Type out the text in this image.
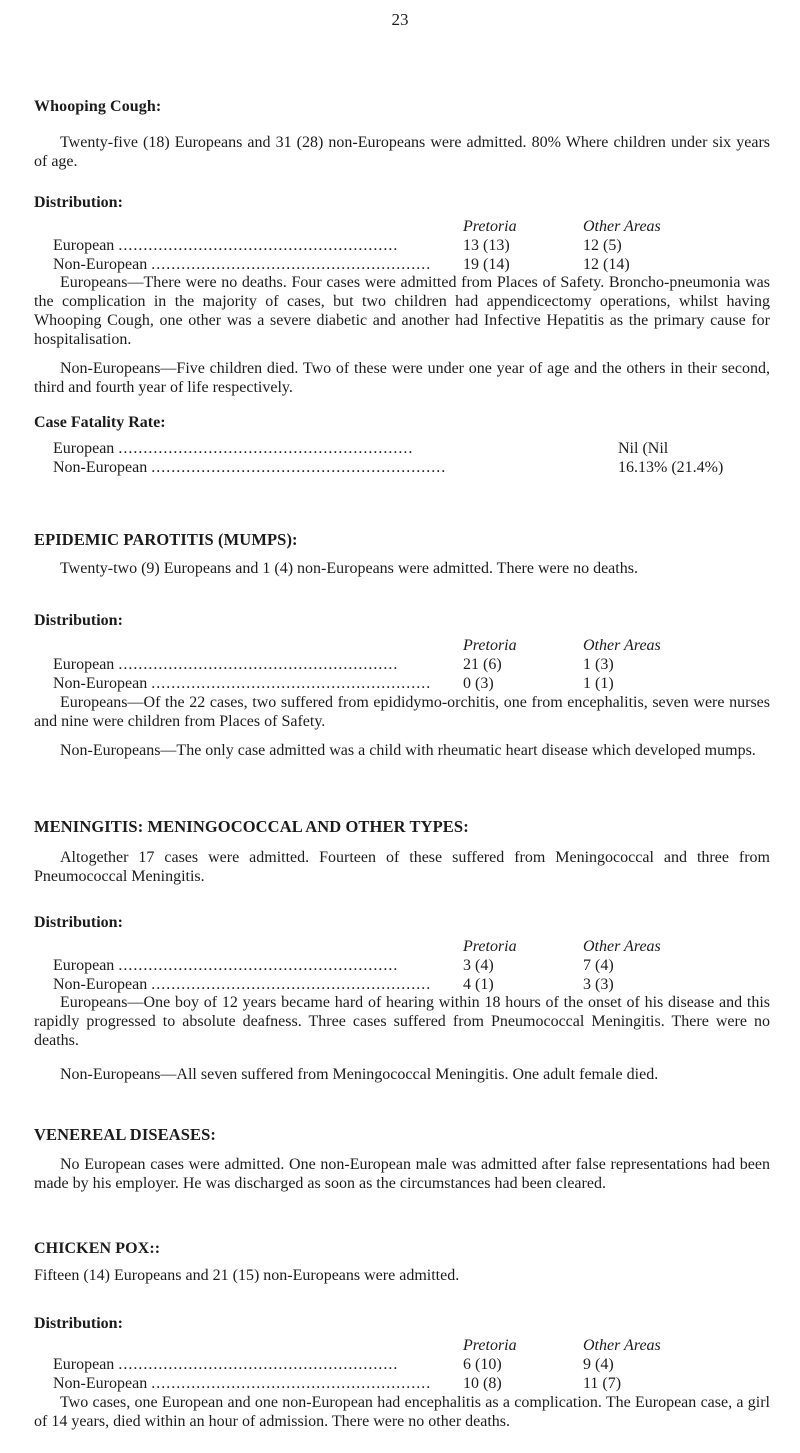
23
Whooping Cough:
Twenty-five (18) Europeans and 31 (28) non-Europeans were admitted. 80% Where children under six years of age.
Distribution:
Pretoria	Other Areas
European ........................................................	13 (13)	12 (5)
Non-European ........................................................	19 (14)	12 (14)
Europeans—There were no deaths. Four cases were admitted from Places of Safety. Broncho-pneumonia was the complication in the majority of cases, but two children had appendicectomy operations, whilst having Whooping Cough, one other was a severe diabetic and another had Infective Hepatitis as the primary cause for hospitalisation.
Non-Europeans—Five children died. Two of these were under one year of age and the others in their second, third and fourth year of life respectively.
Case Fatality Rate:
European ...........................................................	Nil (Nil
Non-European ...........................................................	16.13% (21.4%)
EPIDEMIC PAROTITIS (MUMPS):
Twenty-two (9) Europeans and 1 (4) non-Europeans were admitted. There were no deaths.
Distribution:
Pretoria	Other Areas
European ........................................................	21 (6)	1 (3)
Non-European ........................................................	0 (3)	1 (1)
Europeans—Of the 22 cases, two suffered from epididymo-orchitis, one from encephalitis, seven were nurses and nine were children from Places of Safety.
Non-Europeans—The only case admitted was a child with rheumatic heart disease which developed mumps.
MENINGITIS: MENINGOCOCCAL AND OTHER TYPES:
Altogether 17 cases were admitted. Fourteen of these suffered from Meningococcal and three from Pneumococcal Meningitis.
Distribution:
Pretoria	Other Areas
European ........................................................	3 (4)	7 (4)
Non-European ........................................................	4 (1)	3 (3)
Europeans—One boy of 12 years became hard of hearing within 18 hours of the onset of his disease and this rapidly progressed to absolute deafness. Three cases suffered from Pneumococcal Meningitis. There were no deaths.
Non-Europeans—All seven suffered from Meningococcal Meningitis. One adult female died.
VENEREAL DISEASES:
No European cases were admitted. One non-European male was admitted after false representations had been made by his employer. He was discharged as soon as the circumstances had been cleared.
CHICKEN POX::
Fifteen (14) Europeans and 21 (15) non-Europeans were admitted.
Distribution:
Pretoria	Other Areas
European ........................................................	6 (10)	9 (4)
Non-European ........................................................	10 (8)	11 (7)
Two cases, one European and one non-European had encephalitis as a complication. The European case, a girl of 14 years, died within an hour of admission. There were no other deaths.
